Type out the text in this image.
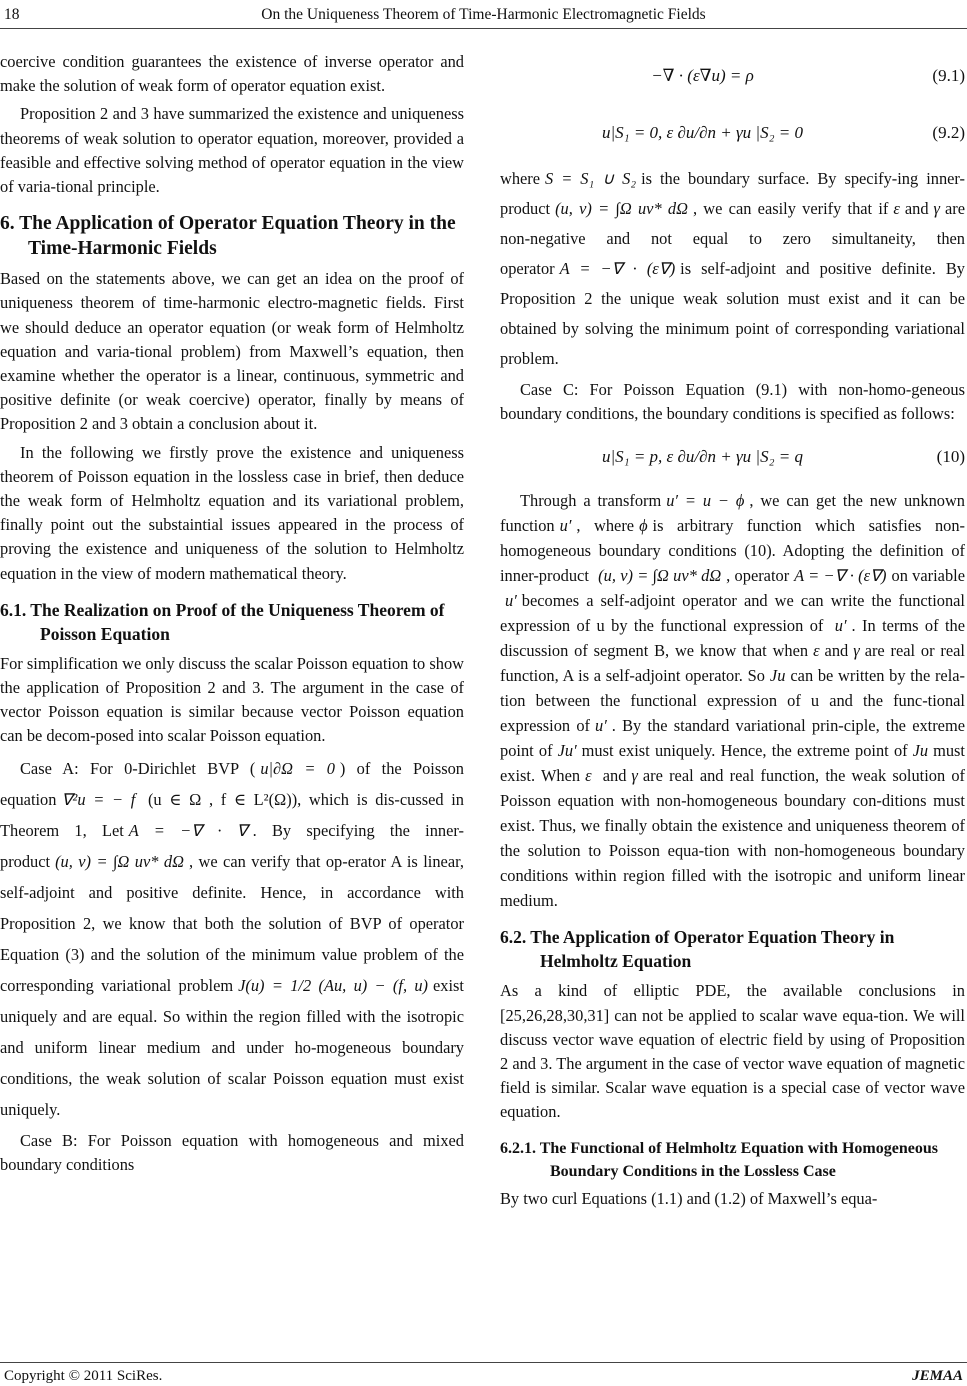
18	On the Uniqueness Theorem of Time-Harmonic Electromagnetic Fields

coercive condition guarantees the existence of inverse operator and make the solution of weak form of operator equation exist.

Proposition 2 and 3 have summarized the existence and uniqueness theorems of weak solution to operator equation, moreover, provided a feasible and effective solving method of operator equation in the view of varia-tional principle.

6. The Application of Operator Equation Theory in the Time-Harmonic Fields

Based on the statements above, we can get an idea on the proof of uniqueness theorem of time-harmonic electro-magnetic fields. First we should deduce an operator equation (or weak form of Helmholtz equation and varia-tional problem) from Maxwell’s equation, then examine whether the operator is a linear, continuous, symmetric and positive definite (or weak coercive) operator, finally by means of Proposition 2 and 3 obtain a conclusion about it.

In the following we firstly prove the existence and uniqueness theorem of Poisson equation in the lossless case in brief, then deduce the weak form of Helmholtz equation and its variational problem, finally point out the substaintial issues appeared in the process of proving the existence and uniqueness of the solution to Helmholtz equation in the view of modern mathematical theory.

6.1. The Realization on Proof of the Uniqueness Theorem of Poisson Equation

For simplification we only discuss the scalar Poisson equation to show the application of Proposition 2 and 3. The argument in the case of vector Poisson equation is similar because vector Poisson equation can be decom-posed into scalar Poisson equation.

Case A: For 0-Dirichlet BVP ( u|∂Ω = 0 ) of the Poisson equation ∇²u = − f (u ∈ Ω , f ∈ L²(Ω)), which is dis-cussed in Theorem 1, Let A = −∇ · ∇ . By specifying the inner-product (u, v) = ∫Ω uv* dΩ , we can verify that op-erator A is linear, self-adjoint and positive definite. Hence, in accordance with Proposition 2, we know that both the solution of BVP of operator Equation (3) and the solution of the minimum value problem of the corresponding variational problem J(u) = 1/2 (Au, u) − (f, u) exist uniquely and are equal. So within the region filled with the isotropic and uniform linear medium and under ho-mogeneous boundary conditions, the weak solution of scalar Poisson equation must exist uniquely.

Case B: For Poisson equation with homogeneous and mixed boundary conditions

−∇ · (ε∇u) = ρ	(9.1)
u|S₁ = 0, ε ∂u/∂n + γu |S₂ = 0	(9.2)

where S = S₁ ∪ S₂ is the boundary surface. By specify-ing inner-product (u, v) = ∫Ω uv* dΩ , we can easily verify that if ε and γ are non-negative and not equal to zero simultaneity, then operator A = −∇ · (ε∇) is self-adjoint and positive definite. By Proposition 2 the unique weak solution must exist and it can be obtained by solving the minimum point of corresponding variational problem.

Case C: For Poisson Equation (9.1) with non-homo-geneous boundary conditions, the boundary conditions is specified as follows:

u|S₁ = p, ε ∂u/∂n + γu |S₂ = q	(10)

Through a transform u′ = u − ϕ , we can get the new unknown function u′ , where ϕ is arbitrary function which satisfies non-homogeneous boundary conditions (10). Adopting the definition of inner-product (u, v) = ∫Ω uv* dΩ , operator A = −∇ · (ε∇) on variable u′ becomes a self-adjoint operator and we can write the functional expression of u by the functional expression of u′ . In terms of the discussion of segment B, we know that when ε and γ are real or real function, A is a self-adjoint operator. So Ju can be written by the rela-tion between the functional expression of u and the func-tional expression of u′ . By the standard variational prin-ciple, the extreme point of Ju′ must exist uniquely. Hence, the extreme point of Ju must exist. When ε and γ are real and real function, the weak solution of Poisson equation with non-homogeneous boundary con-ditions must exist. Thus, we finally obtain the existence and uniqueness theorem of the solution to Poisson equa-tion with non-homogeneous boundary conditions within region filled with the isotropic and uniform linear medium.

6.2. The Application of Operator Equation Theory in Helmholtz Equation

As a kind of elliptic PDE, the available conclusions in [25,26,28,30,31] can not be applied to scalar wave equa-tion. We will discuss vector wave equation of electric field by using of Proposition 2 and 3. The argument in the case of vector wave equation of magnetic field is similar. Scalar wave equation is a special case of vector wave equation.

6.2.1. The Functional of Helmholtz Equation with Homogeneous Boundary Conditions in the Lossless Case

By two curl Equations (1.1) and (1.2) of Maxwell’s equa-

Copyright © 2011 SciRes.	JEMAA
